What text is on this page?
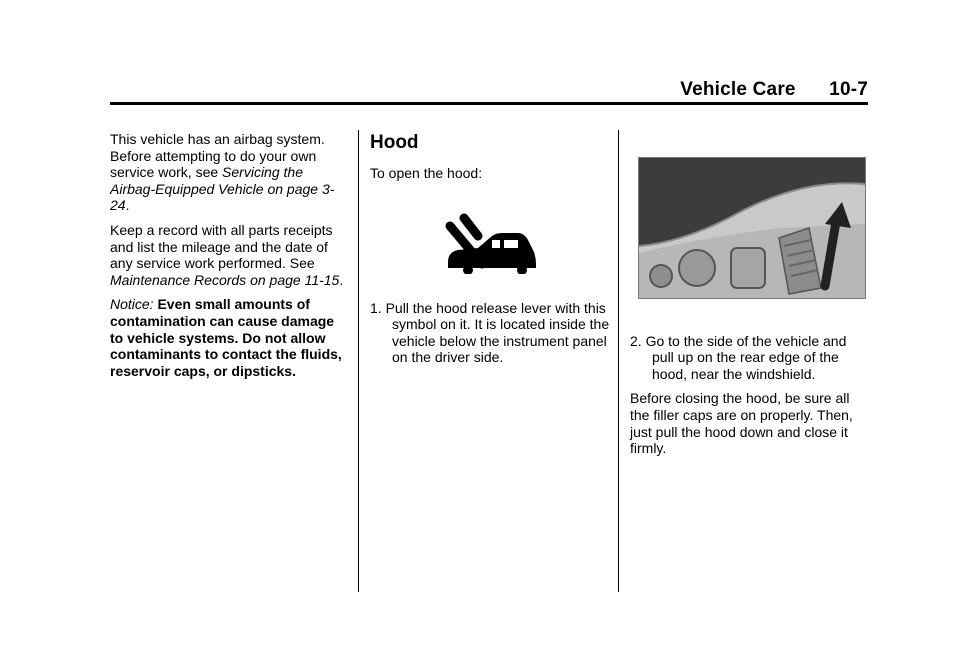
Vehicle Care 10-7

This vehicle has an airbag system. Before attempting to do your own service work, see Servicing the Airbag-Equipped Vehicle on page 3-24.

Keep a record with all parts receipts and list the mileage and the date of any service work performed. See Maintenance Records on page 11-15.

Notice: Even small amounts of contamination can cause damage to vehicle systems. Do not allow contaminants to contact the fluids, reservoir caps, or dipsticks.

Hood

To open the hood:

1. Pull the hood release lever with this symbol on it. It is located inside the vehicle below the instrument panel on the driver side.

2. Go to the side of the vehicle and pull up on the rear edge of the hood, near the windshield.

Before closing the hood, be sure all the filler caps are on properly. Then, just pull the hood down and close it firmly.
